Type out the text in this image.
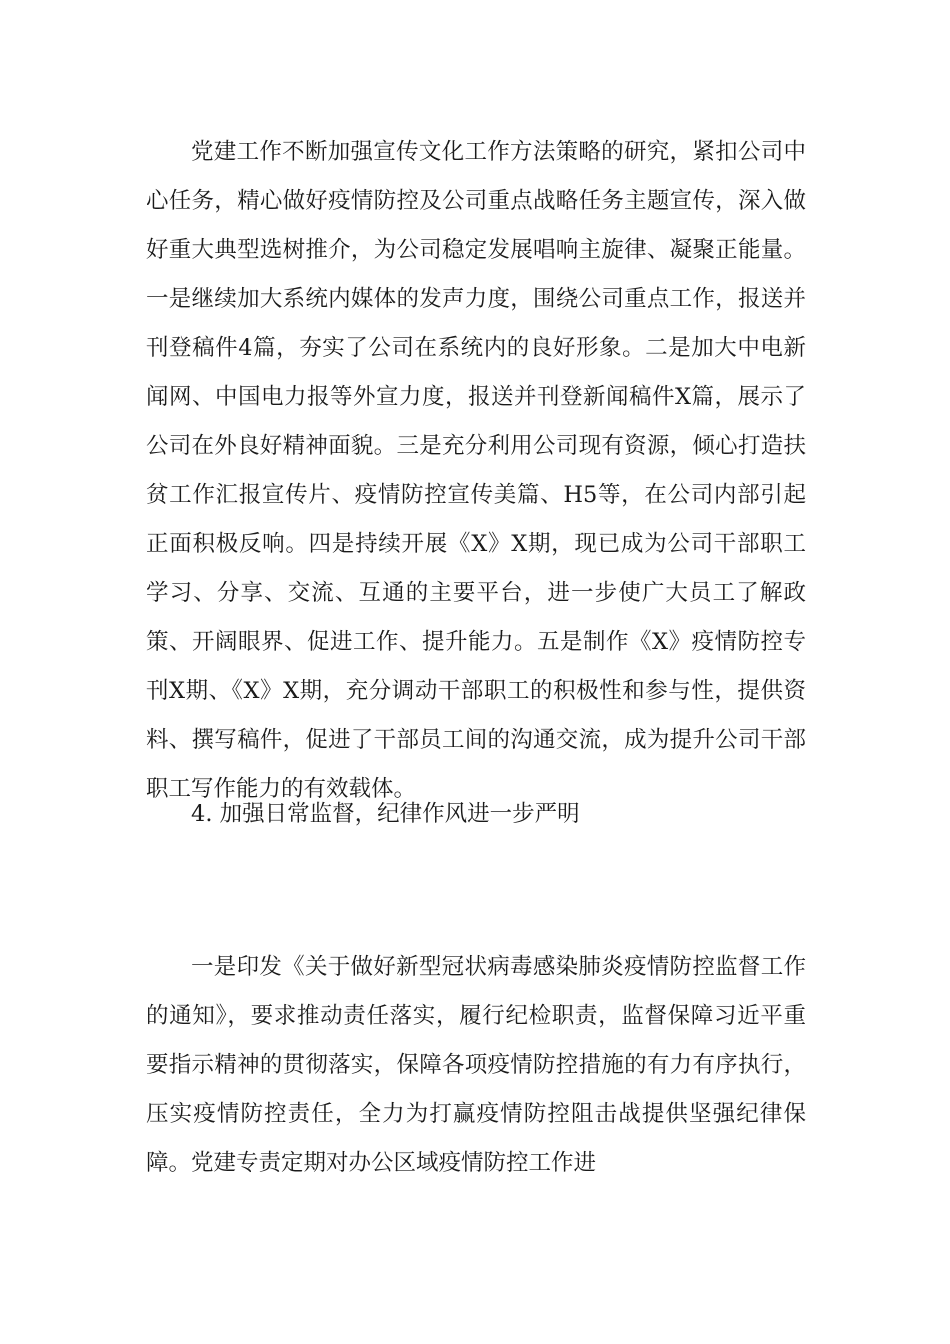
党建工作不断加强宣传文化工作方法策略的研究，紧扣公司中心任务，精心做好疫情防控及公司重点战略任务主题宣传，深入做好重大典型选树推介，为公司稳定发展唱响主旋律、凝聚正能量。一是继续加大系统内媒体的发声力度，围绕公司重点工作，报送并刊登稿件4篇，夯实了公司在系统内的良好形象。二是加大中电新闻网、中国电力报等外宣力度，报送并刊登新闻稿件X篇，展示了公司在外良好精神面貌。三是充分利用公司现有资源，倾心打造扶贫工作汇报宣传片、疫情防控宣传美篇、H5等，在公司内部引起正面积极反响。四是持续开展《X》X期，现已成为公司干部职工学习、分享、交流、互通的主要平台，进一步使广大员工了解政策、开阔眼界、促进工作、提升能力。五是制作《X》疫情防控专刊X期、《X》X期，充分调动干部职工的积极性和参与性，提供资料、撰写稿件，促进了干部员工间的沟通交流，成为提升公司干部职工写作能力的有效载体。

4. 加强日常监督，纪律作风进一步严明

一是印发《关于做好新型冠状病毒感染肺炎疫情防控监督工作的通知》，要求推动责任落实，履行纪检职责，监督保障习近平重要指示精神的贯彻落实，保障各项疫情防控措施的有力有序执行，压实疫情防控责任，全力为打赢疫情防控阻击战提供坚强纪律保障。党建专责定期对办公区域疫情防控工作进
